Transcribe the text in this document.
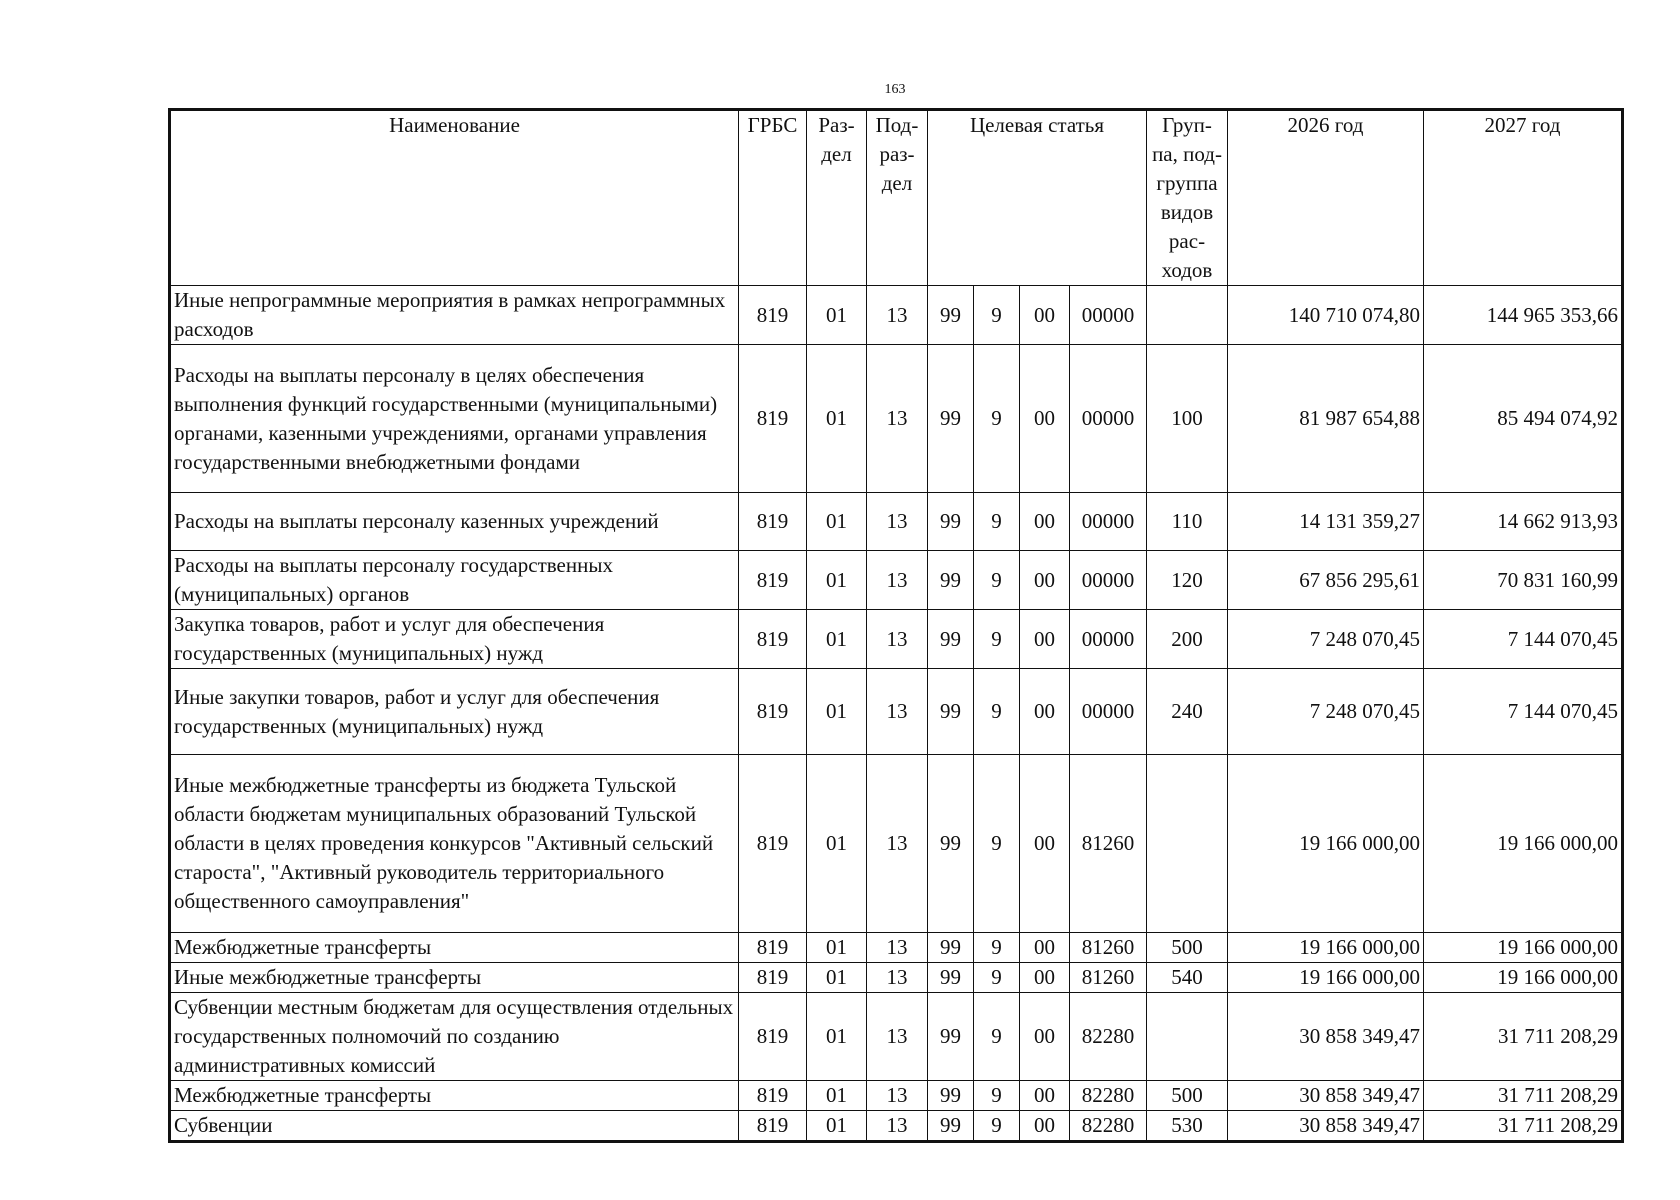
163
Наименование	ГРБС	Раз-дел	Под-раз-дел	Целевая статья				Груп-па, под-группа видов рас-ходов	2026 год	2027 год
Иные непрограммные мероприятия в рамках непрограммных расходов	819	01	13	99	9	00	00000		140 710 074,80	144 965 353,66
Расходы на выплаты персоналу в целях обеспечения выполнения функций государственными (муниципальными) органами, казенными учреждениями, органами управления государственными внебюджетными фондами	819	01	13	99	9	00	00000	100	81 987 654,88	85 494 074,92
Расходы на выплаты персоналу казенных учреждений	819	01	13	99	9	00	00000	110	14 131 359,27	14 662 913,93
Расходы на выплаты персоналу государственных (муниципальных) органов	819	01	13	99	9	00	00000	120	67 856 295,61	70 831 160,99
Закупка товаров, работ и услуг для обеспечения государственных (муниципальных) нужд	819	01	13	99	9	00	00000	200	7 248 070,45	7 144 070,45
Иные закупки товаров, работ и услуг для обеспечения государственных (муниципальных) нужд	819	01	13	99	9	00	00000	240	7 248 070,45	7 144 070,45
Иные межбюджетные трансферты из бюджета Тульской области бюджетам муниципальных образований Тульской области в целях проведения конкурсов "Активный сельский староста", "Активный руководитель территориального общественного самоуправления"	819	01	13	99	9	00	81260		19 166 000,00	19 166 000,00
Межбюджетные трансферты	819	01	13	99	9	00	81260	500	19 166 000,00	19 166 000,00
Иные межбюджетные трансферты	819	01	13	99	9	00	81260	540	19 166 000,00	19 166 000,00
Субвенции местным бюджетам для осуществления отдельных государственных полномочий по созданию административных комиссий	819	01	13	99	9	00	82280		30 858 349,47	31 711 208,29
Межбюджетные трансферты	819	01	13	99	9	00	82280	500	30 858 349,47	31 711 208,29
Субвенции	819	01	13	99	9	00	82280	530	30 858 349,47	31 711 208,29
